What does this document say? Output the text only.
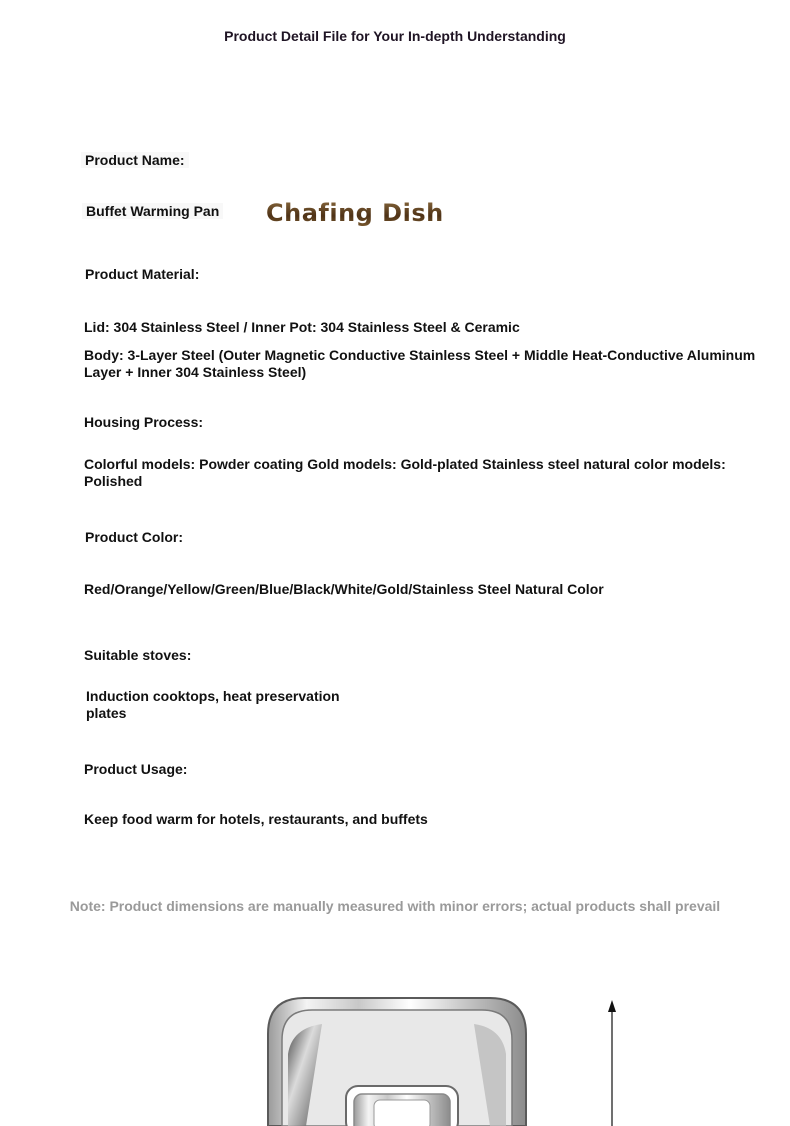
Product Detail File for Your In-depth Understanding
Product Name:
Buffet Warming Pan Chafing Dish
Product Material:
Lid: 304 Stainless Steel / Inner Pot: 304 Stainless Steel & Ceramic
Body: 3-Layer Steel (Outer Magnetic Conductive Stainless Steel + Middle Heat-Conductive Aluminum
Layer + Inner 304 Stainless Steel)
Housing Process:
Colorful models: Powder coating Gold models: Gold-plated Stainless steel natural color models:
Polished
Product Color:
Red/Orange/Yellow/Green/Blue/Black/White/Gold/Stainless Steel Natural Color
Suitable stoves:
Induction cooktops, heat preservation
plates
Product Usage:
Keep food warm for hotels, restaurants, and buffets
Note: Product dimensions are manually measured with minor errors; actual products shall prevail
